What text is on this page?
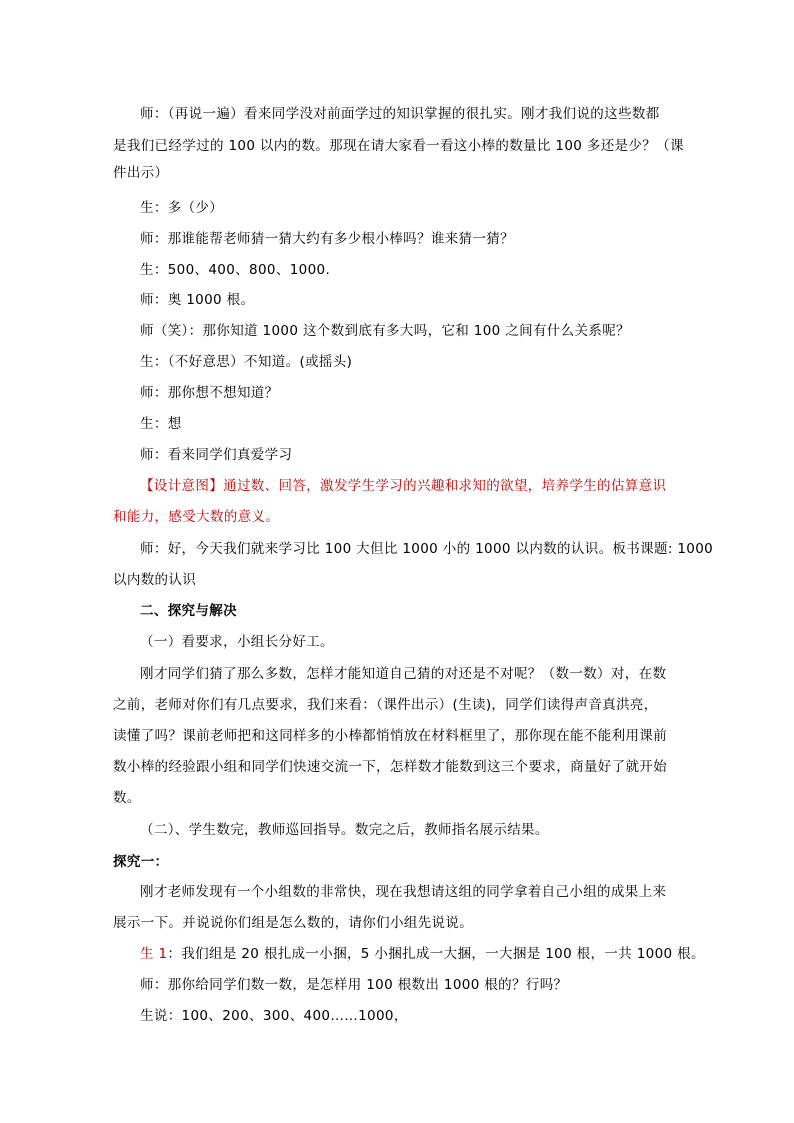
师：（再说一遍）看来同学没对前面学过的知识掌握的很扎实。刚才我们说的这些数都
是我们已经学过的 100 以内的数。那现在请大家看一看这小棒的数量比 100 多还是少？（课
件出示）
生：多（少）
师：那谁能帮老师猜一猜大约有多少根小棒吗？谁来猜一猜？
生：500、400、800、1000.
师：奥 1000 根。
师（笑）：那你知道 1000 这个数到底有多大吗，它和 100 之间有什么关系呢？
生：（不好意思）不知道。(或摇头)
师：那你想不想知道？
生：想
师：看来同学们真爱学习
【设计意图】通过数、回答，激发学生学习的兴趣和求知的欲望，培养学生的估算意识
和能力，感受大数的意义。
师：好，今天我们就来学习比 100 大但比 1000 小的 1000 以内数的认识。板书课题: 1000
以内数的认识
二、探究与解决
（一）看要求，小组长分好工。
刚才同学们猜了那么多数，怎样才能知道自己猜的对还是不对呢？（数一数）对，在数
之前，老师对你们有几点要求，我们来看：（课件出示）(生读)，同学们读得声音真洪亮，
读懂了吗？课前老师把和这同样多的小棒都悄悄放在材料框里了，那你现在能不能利用课前
数小棒的经验跟小组和同学们快速交流一下，怎样数才能数到这三个要求，商量好了就开始
数。
（二）、学生数完，教师巡回指导。数完之后，教师指名展示结果。
探究一：
刚才老师发现有一个小组数的非常快，现在我想请这组的同学拿着自己小组的成果上来
展示一下。并说说你们组是怎么数的，请你们小组先说说。
生 1：我们组是 20 根扎成一小捆，5 小捆扎成一大捆，一大捆是 100 根，一共 1000 根。
师：那你给同学们数一数，是怎样用 100 根数出 1000 根的？行吗？
生说：100、200、300、400……1000，
